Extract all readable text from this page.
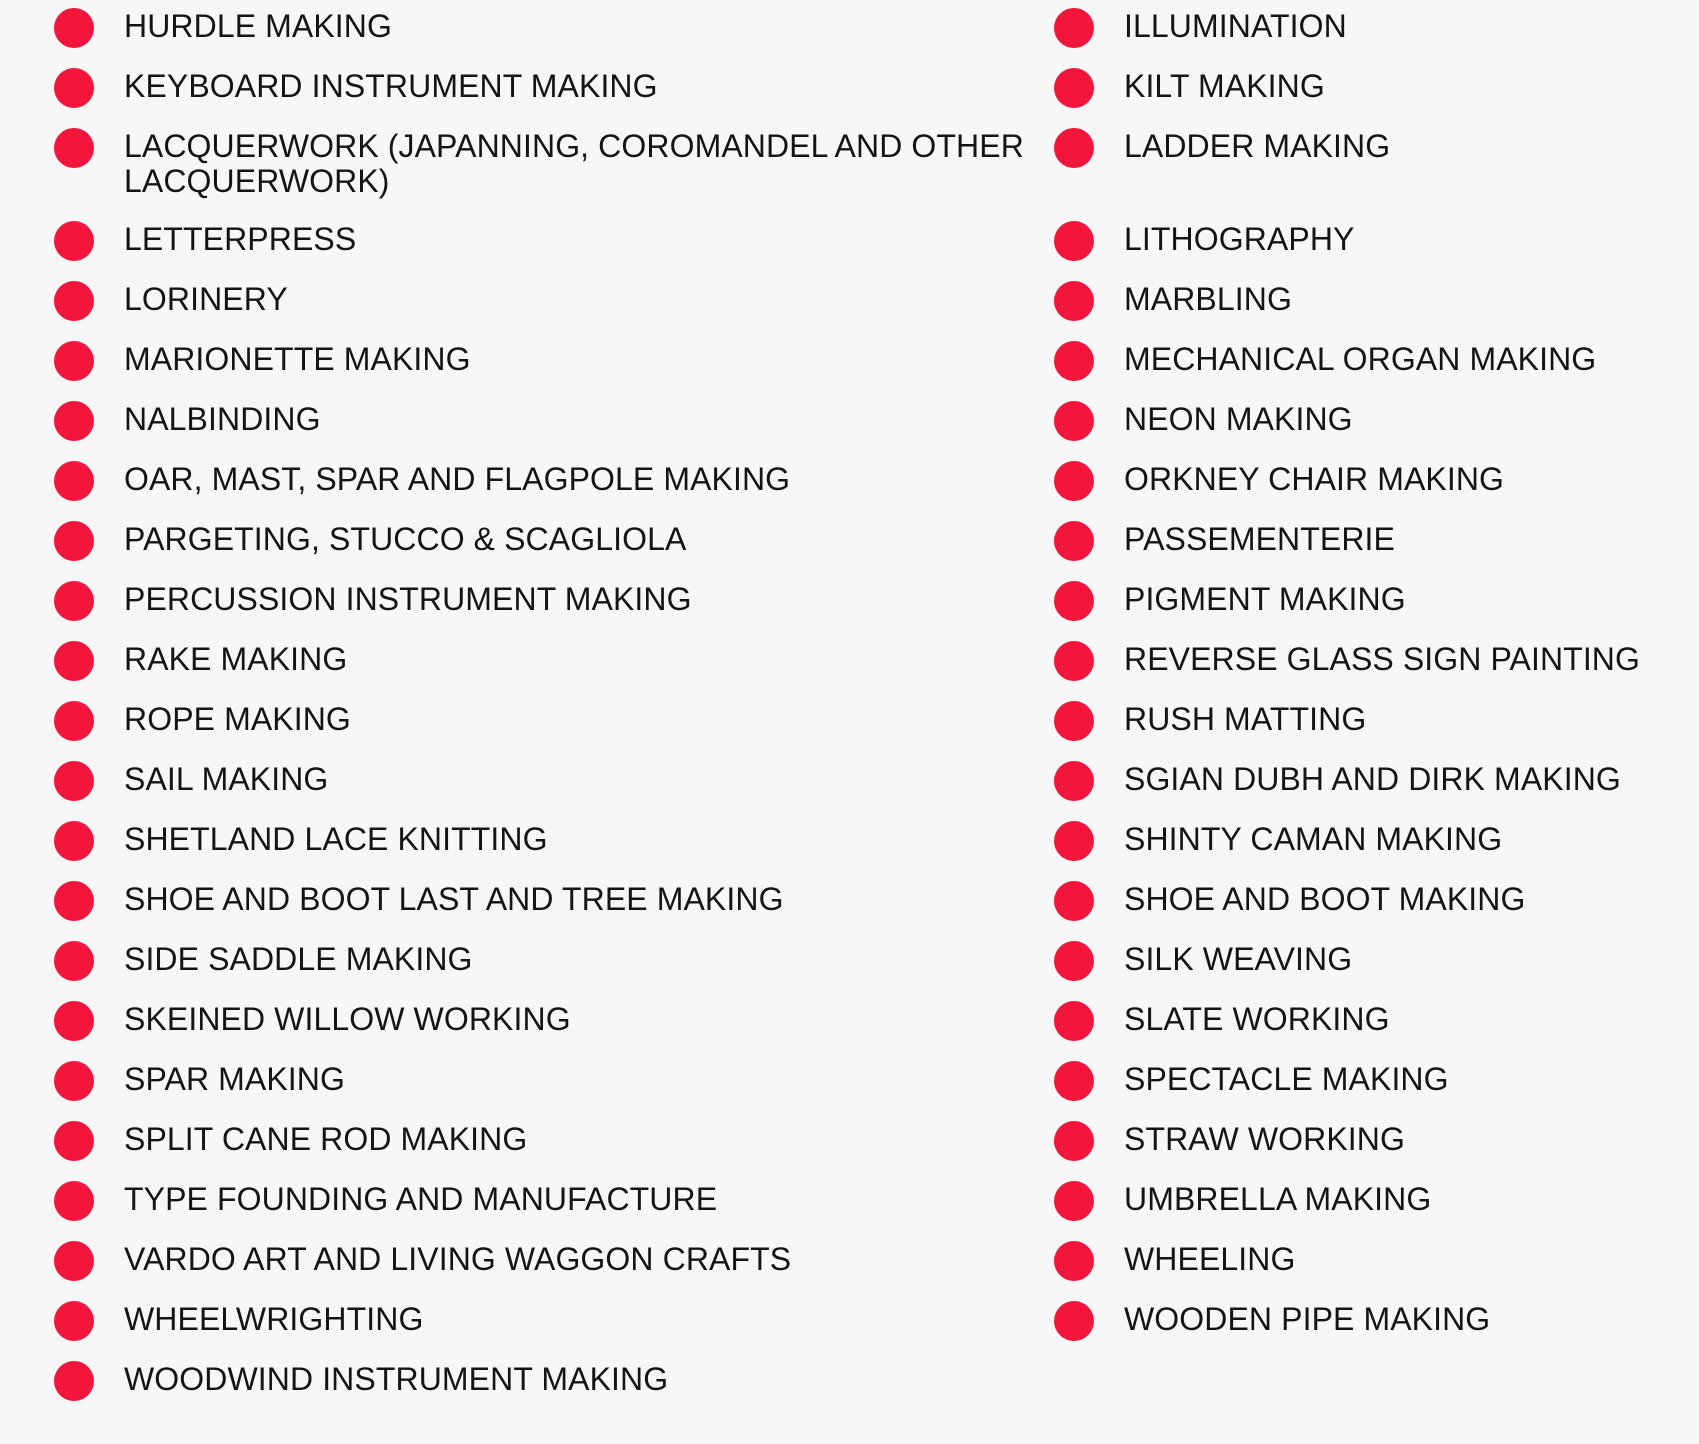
HURDLE MAKING	ILLUMINATION
KEYBOARD INSTRUMENT MAKING	KILT MAKING
LACQUERWORK (JAPANNING, COROMANDEL AND OTHER LACQUERWORK)
LADDER MAKING
LETTERPRESS	LITHOGRAPHY
LORINERY	MARBLING
MARIONETTE MAKING	MECHANICAL ORGAN MAKING
NALBINDING	NEON MAKING
OAR, MAST, SPAR AND FLAGPOLE MAKING	ORKNEY CHAIR MAKING
PARGETING, STUCCO & SCAGLIOLA	PASSEMENTERIE
PERCUSSION INSTRUMENT MAKING	PIGMENT MAKING
RAKE MAKING	REVERSE GLASS SIGN PAINTING
ROPE MAKING	RUSH MATTING
SAIL MAKING	SGIAN DUBH AND DIRK MAKING
SHETLAND LACE KNITTING	SHINTY CAMAN MAKING
SHOE AND BOOT LAST AND TREE MAKING	SHOE AND BOOT MAKING
SIDE SADDLE MAKING	SILK WEAVING
SKEINED WILLOW WORKING	SLATE WORKING
SPAR MAKING	SPECTACLE MAKING
SPLIT CANE ROD MAKING	STRAW WORKING
TYPE FOUNDING AND MANUFACTURE	UMBRELLA MAKING
VARDO ART AND LIVING WAGGON CRAFTS	WHEELING
WHEELWRIGHTING	WOODEN PIPE MAKING
WOODWIND INSTRUMENT MAKING
